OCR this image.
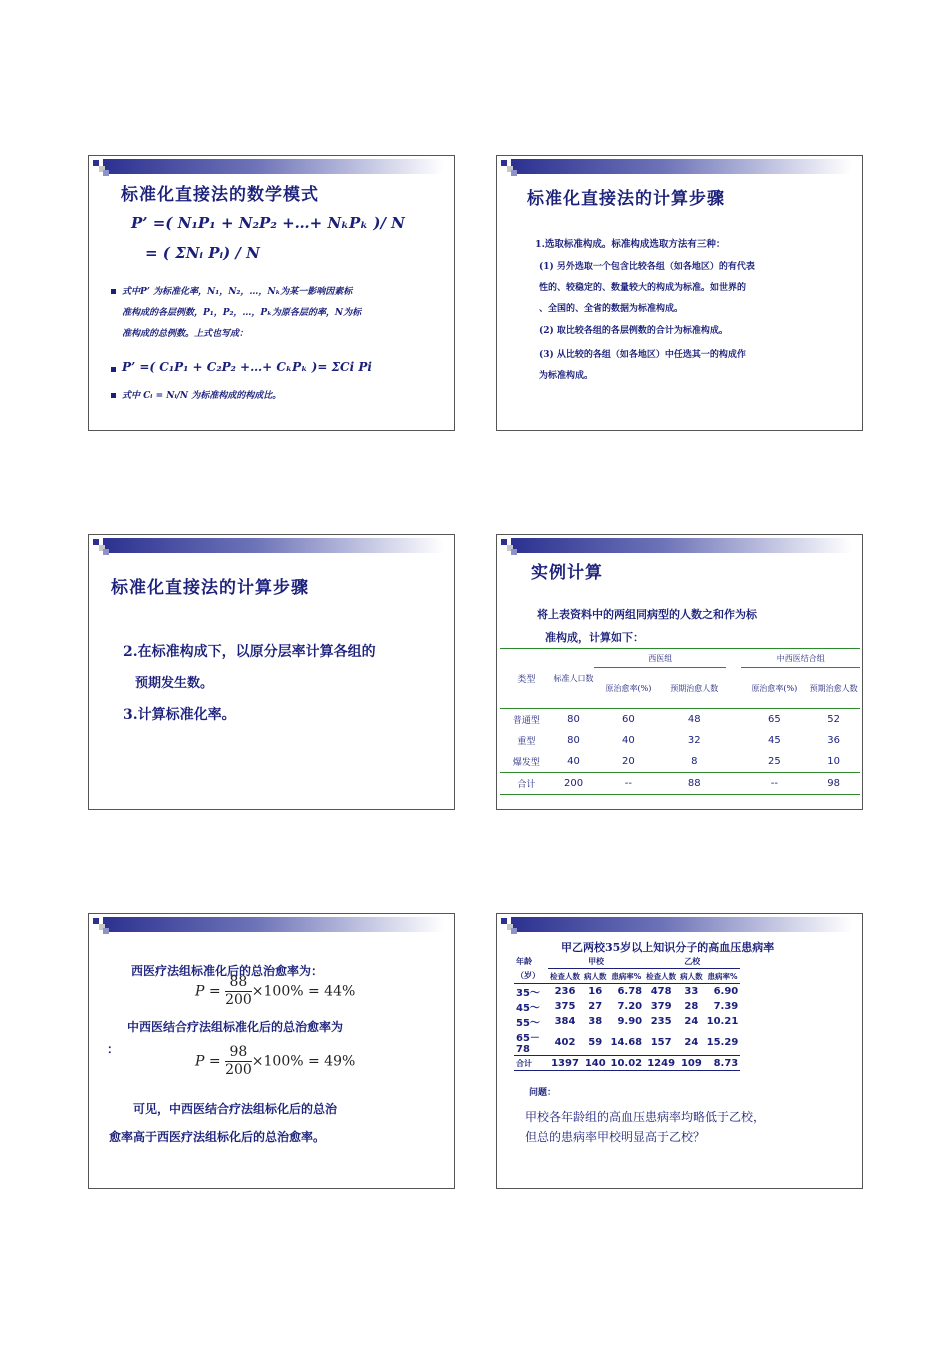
标准化直接法的数学模式
P’ =( N₁P₁ + N₂P₂ +…+ NₖPₖ )/ N
= ( ΣNᵢ Pᵢ) / N
式中P’ 为标准化率，N₁，N₂，…，Nₖ为某一影响因素标
准构成的各层例数，P₁，P₂，…，Pₖ为原各层的率，N为标
准构成的总例数。上式也写成：
P’ =( C₁P₁ + C₂P₂ +…+ CₖPₖ )= ΣCi Pi
式中 Cᵢ = Nᵢ/N 为标准构成的构成比。
标准化直接法的计算步骤
1.选取标准构成。标准构成选取方法有三种：
(1) 另外选取一个包含比较各组（如各地区）的有代表
性的、较稳定的、数量较大的构成为标准。如世界的
、全国的、全省的数据为标准构成。
(2) 取比较各组的各层例数的合计为标准构成。
(3) 从比较的各组（如各地区）中任选其一的构成作
为标准构成。
标准化直接法的计算步骤
2.在标准构成下，以原分层率计算各组的
预期发生数。
3.计算标准化率。
实例计算
将上表资料中的两组同病型的人数之和作为标
准构成，计算如下：
类型	标准人口数	西医组			中西医结合组	
		原治愈率(%)	预期治愈人数		原治愈率(%)	预期治愈人数
普通型	80	60	48		65	52
重型	80	40	32		45	36
爆发型	40	20	8		25	10
合计	200	--	88		--	98
西医疗法组标准化后的总治愈率为：
$P = \frac{88}{200} \times 100\% = 44\%$
中西医结合疗法组标准化后的总治愈率为
：
$P = \frac{98}{200} \times 100\% = 49\%$
可见，中西医结合疗法组标化后的总治
愈率高于西医疗法组标化后的总治愈率。
甲乙两校35岁以上知识分子的高血压患病率
年龄
（岁）	甲校			乙校		
	检查人数	病人数	患病率%	检查人数	病人数	患病率%
35～	236	16	6.78	478	33	6.90
45～	375	27	7.20	379	28	7.39
55～	384	38	9.90	235	24	10.21
65－78	402	59	14.68	157	24	15.29
合计	1397	140	10.02	1249	109	8.73
问题：
甲校各年龄组的高血压患病率均略低于乙校，
但总的患病率甲校明显高于乙校？
